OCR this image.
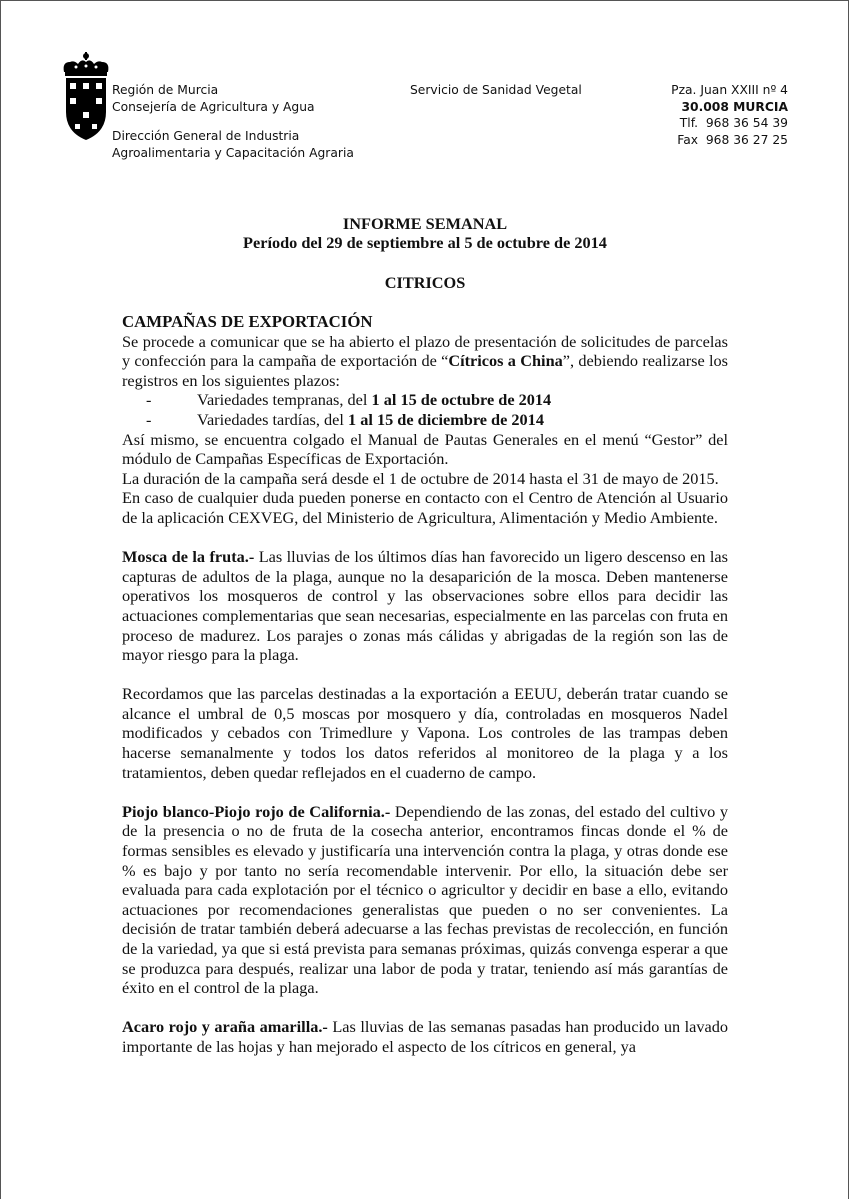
Región de Murcia
Consejería de Agricultura y Agua
Dirección General de Industria
Agroalimentaria y Capacitación Agraria
Servicio de Sanidad Vegetal	Pza. Juan XXIII nº 4
30.008 MURCIA
Tlf.  968 36 54 39
Fax  968 36 27 25
INFORME SEMANAL
Período del 29 de septiembre al 5 de octubre de 2014
CITRICOS

CAMPAÑAS DE EXPORTACIÓN

Se procede a comunicar que se ha abierto el plazo de presentación de solicitudes de parcelas y confección para la campaña de exportación de “Cítricos a China”, debiendo realizarse los registros en los siguientes plazos:

-	Variedades tempranas, del 1 al 15 de octubre de 2014
-	Variedades tardías, del 1 al 15 de diciembre de 2014

Así mismo, se encuentra colgado el Manual de Pautas Generales en el menú “Gestor” del módulo de Campañas Específicas de Exportación.

La duración de la campaña será desde el 1 de octubre de 2014 hasta el 31 de mayo de 2015.

En caso de cualquier duda pueden ponerse en contacto con el Centro de Atención al Usuario de la aplicación CEXVEG, del Ministerio de Agricultura, Alimentación y Medio Ambiente.

Mosca de la fruta.- Las lluvias de los últimos días han favorecido un ligero descenso en las capturas de adultos de la plaga, aunque no la desaparición de la mosca. Deben mantenerse operativos los mosqueros de control y las observaciones sobre ellos para decidir las actuaciones complementarias que sean necesarias, especialmente en las parcelas con fruta en proceso de madurez. Los parajes o zonas más cálidas y abrigadas de la región son las de mayor riesgo para la plaga.

Recordamos que las parcelas destinadas a la exportación a EEUU, deberán tratar cuando se alcance el umbral de 0,5 moscas por mosquero y día, controladas en mosqueros Nadel modificados y cebados con Trimedlure y Vapona. Los controles de las trampas deben hacerse semanalmente y todos los datos referidos al monitoreo de la plaga y a los tratamientos, deben quedar reflejados en el cuaderno de campo.

Piojo blanco-Piojo rojo de California.- Dependiendo de las zonas, del estado del cultivo y de la presencia o no de fruta de la cosecha anterior, encontramos fincas donde el % de formas sensibles es elevado y justificaría una intervención contra la plaga, y otras donde ese % es bajo y por tanto no sería recomendable intervenir. Por ello, la situación debe ser evaluada para cada explotación por el técnico o agricultor y decidir en base a ello, evitando actuaciones por recomendaciones generalistas que pueden o no ser convenientes. La decisión de tratar también deberá adecuarse a las fechas previstas de recolección, en función de la variedad, ya que si está prevista para semanas próximas, quizás convenga esperar a que se produzca para después, realizar una labor de poda y tratar, teniendo así más garantías de éxito en el control de la plaga.

Acaro rojo y araña amarilla.- Las lluvias de las semanas pasadas han producido un lavado importante de las hojas y han mejorado el aspecto de los cítricos en general, ya
